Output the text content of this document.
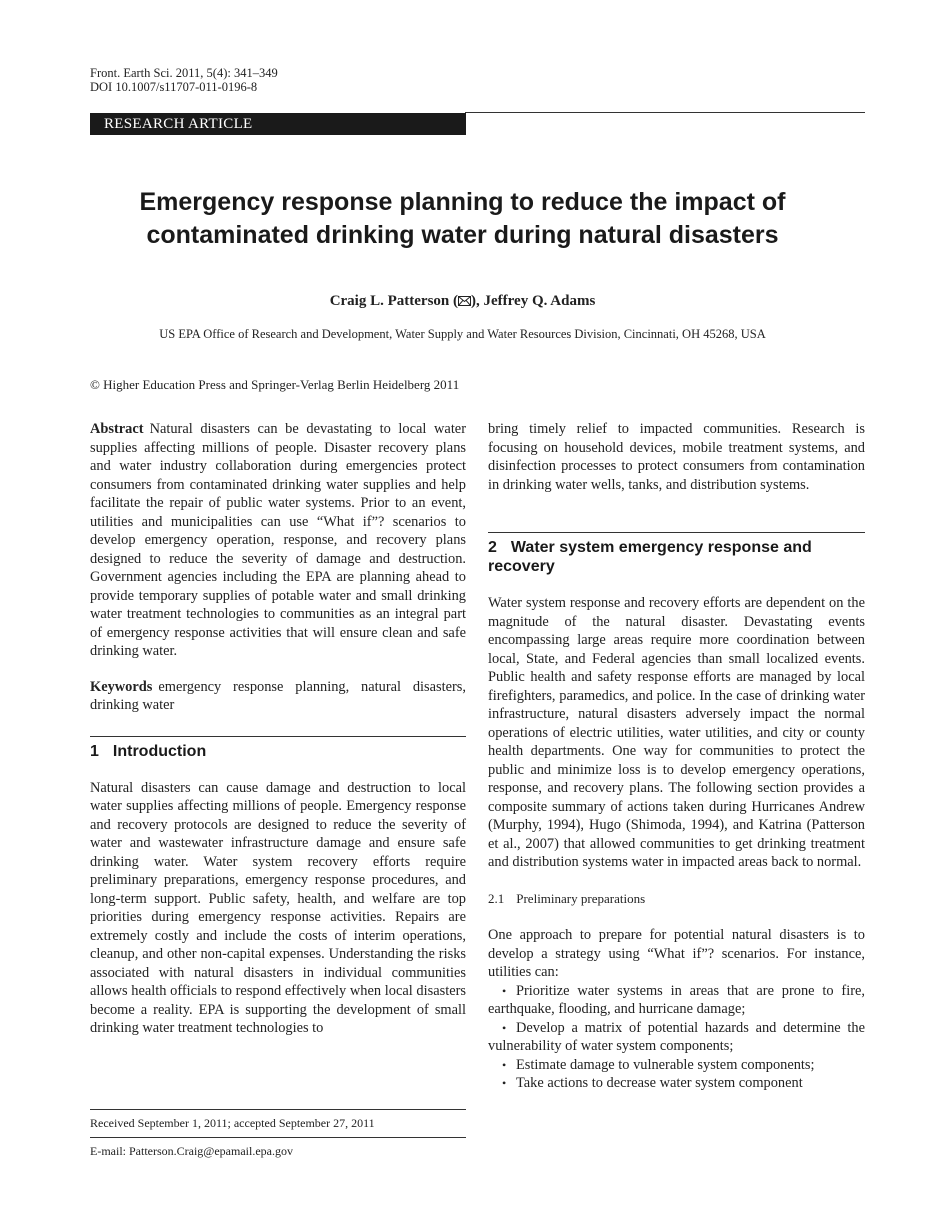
Front. Earth Sci. 2011, 5(4): 341–349
DOI 10.1007/s11707-011-0196-8
RESEARCH ARTICLE
Emergency response planning to reduce the impact of contaminated drinking water during natural disasters
Craig L. Patterson ( ), Jeffrey Q. Adams
US EPA Office of Research and Development, Water Supply and Water Resources Division, Cincinnati, OH 45268, USA
© Higher Education Press and Springer-Verlag Berlin Heidelberg 2011

Abstract Natural disasters can be devastating to local water supplies affecting millions of people. Disaster recovery plans and water industry collaboration during emergencies protect consumers from contaminated drinking water supplies and help facilitate the repair of public water systems. Prior to an event, utilities and municipalities can use “What if”? scenarios to develop emergency operation, response, and recovery plans designed to reduce the severity of damage and destruction. Government agencies including the EPA are planning ahead to provide temporary supplies of potable water and small drinking water treatment technologies to communities as an integral part of emergency response activities that will ensure clean and safe drinking water.

Keywords emergency response planning, natural disasters, drinking water

1 Introduction

Natural disasters can cause damage and destruction to local water supplies affecting millions of people. Emergency response and recovery protocols are designed to reduce the severity of water and wastewater infrastructure damage and ensure safe drinking water. Water system recovery efforts require preliminary preparations, emergency response procedures, and long-term support. Public safety, health, and welfare are top priorities during emergency response activities. Repairs are extremely costly and include the costs of interim operations, cleanup, and other non-capital expenses. Understanding the risks associated with natural disasters in individual communities allows health officials to respond effectively when local disasters become a reality. EPA is supporting the development of small drinking water treatment technologies to

bring timely relief to impacted communities. Research is focusing on household devices, mobile treatment systems, and disinfection processes to protect consumers from contamination in drinking water wells, tanks, and distribution systems.

2 Water system emergency response and recovery

Water system response and recovery efforts are dependent on the magnitude of the natural disaster. Devastating events encompassing large areas require more coordination between local, State, and Federal agencies than small localized events. Public health and safety response efforts are managed by local firefighters, paramedics, and police. In the case of drinking water infrastructure, natural disasters adversely impact the normal operations of electric utilities, water utilities, and city or county health departments. One way for communities to protect the public and minimize loss is to develop emergency operations, response, and recovery plans. The following section provides a composite summary of actions taken during Hurricanes Andrew (Murphy, 1994), Hugo (Shimoda, 1994), and Katrina (Patterson et al., 2007) that allowed communities to get drinking treatment and distribution systems water in impacted areas back to normal.

2.1 Preliminary preparations

One approach to prepare for potential natural disasters is to develop a strategy using “What if”? scenarios. For instance, utilities can:

• Prioritize water systems in areas that are prone to fire, earthquake, flooding, and hurricane damage;
• Develop a matrix of potential hazards and determine the vulnerability of water system components;
• Estimate damage to vulnerable system components;
• Take actions to decrease water system component
Received September 1, 2011; accepted September 27, 2011
E-mail: Patterson.Craig@epamail.epa.gov
